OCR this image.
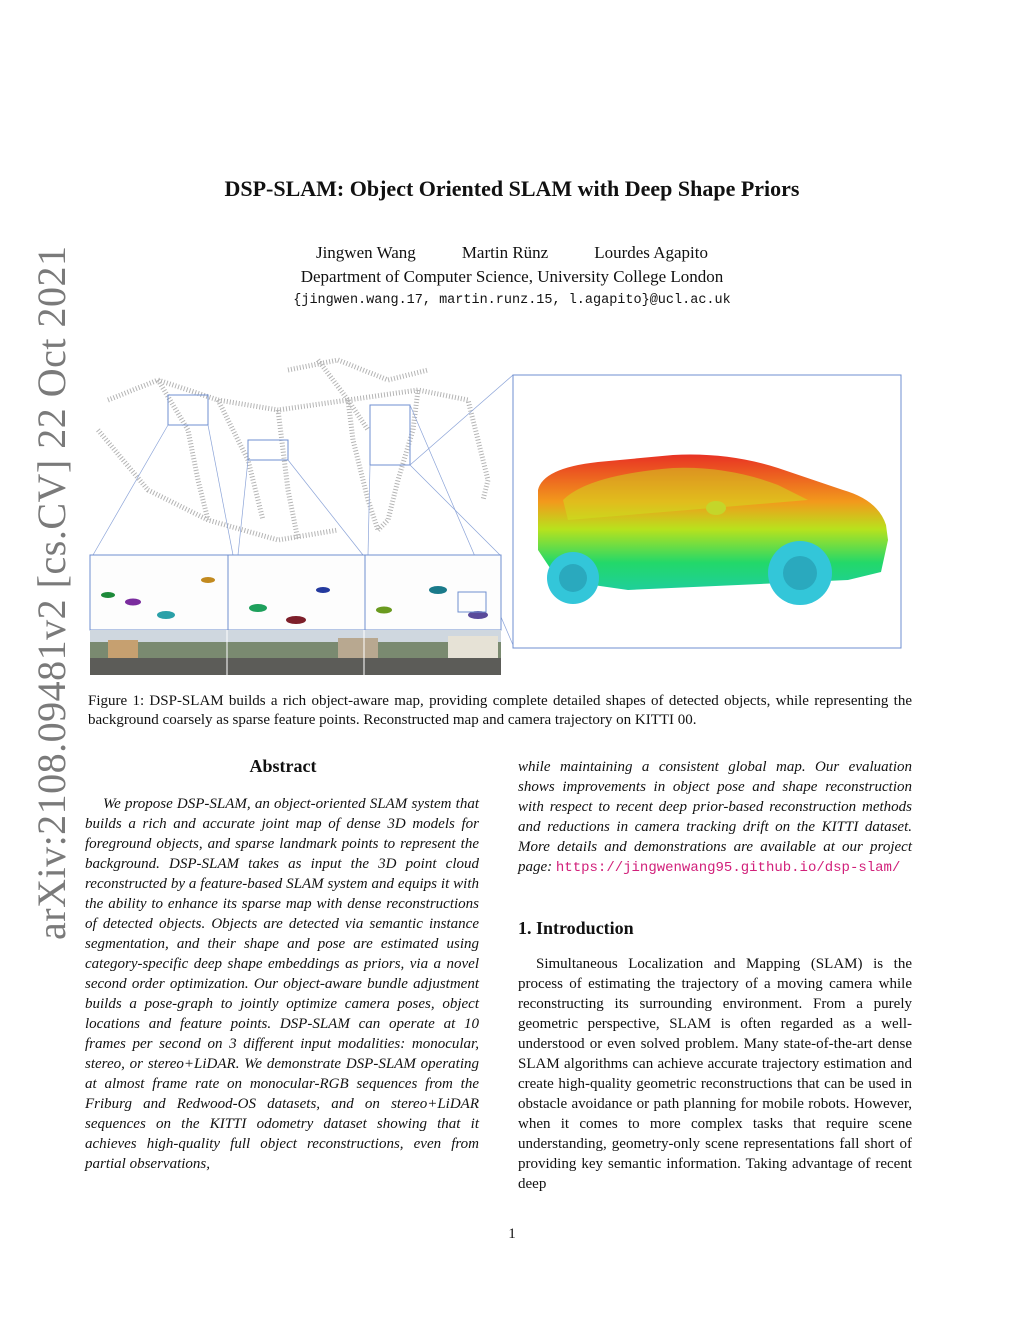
arXiv:2108.09481v2 [cs.CV] 22 Oct 2021
DSP-SLAM: Object Oriented SLAM with Deep Shape Priors
Jingwen Wang	Martin Rünz	Lourdes Agapito
Department of Computer Science, University College London
{jingwen.wang.17, martin.runz.15, l.agapito}@ucl.ac.uk
Figure 1: DSP-SLAM builds a rich object-aware map, providing complete detailed shapes of detected objects, while representing the background coarsely as sparse feature points. Reconstructed map and camera trajectory on KITTI 00.
Abstract
We propose DSP-SLAM, an object-oriented SLAM system that builds a rich and accurate joint map of dense 3D models for foreground objects, and sparse landmark points to represent the background. DSP-SLAM takes as input the 3D point cloud reconstructed by a feature-based SLAM system and equips it with the ability to enhance its sparse map with dense reconstructions of detected objects. Objects are detected via semantic instance segmentation, and their shape and pose are estimated using category-specific deep shape embeddings as priors, via a novel second order optimization. Our object-aware bundle adjustment builds a pose-graph to jointly optimize camera poses, object locations and feature points. DSP-SLAM can operate at 10 frames per second on 3 different input modalities: monocular, stereo, or stereo+LiDAR. We demonstrate DSP-SLAM operating at almost frame rate on monocular-RGB sequences from the Friburg and Redwood-OS datasets, and on stereo+LiDAR sequences on the KITTI odometry dataset showing that it achieves high-quality full object reconstructions, even from partial observations,
while maintaining a consistent global map. Our evaluation shows improvements in object pose and shape reconstruction with respect to recent deep prior-based reconstruction methods and reductions in camera tracking drift on the KITTI dataset. More details and demonstrations are available at our project page: https://jingwenwang95.github.io/dsp-slam/
1. Introduction
Simultaneous Localization and Mapping (SLAM) is the process of estimating the trajectory of a moving camera while reconstructing its surrounding environment. From a purely geometric perspective, SLAM is often regarded as a well-understood or even solved problem. Many state-of-the-art dense SLAM algorithms can achieve accurate trajectory estimation and create high-quality geometric reconstructions that can be used in obstacle avoidance or path planning for mobile robots. However, when it comes to more complex tasks that require scene understanding, geometry-only scene representations fall short of providing key semantic information. Taking advantage of recent deep
1
